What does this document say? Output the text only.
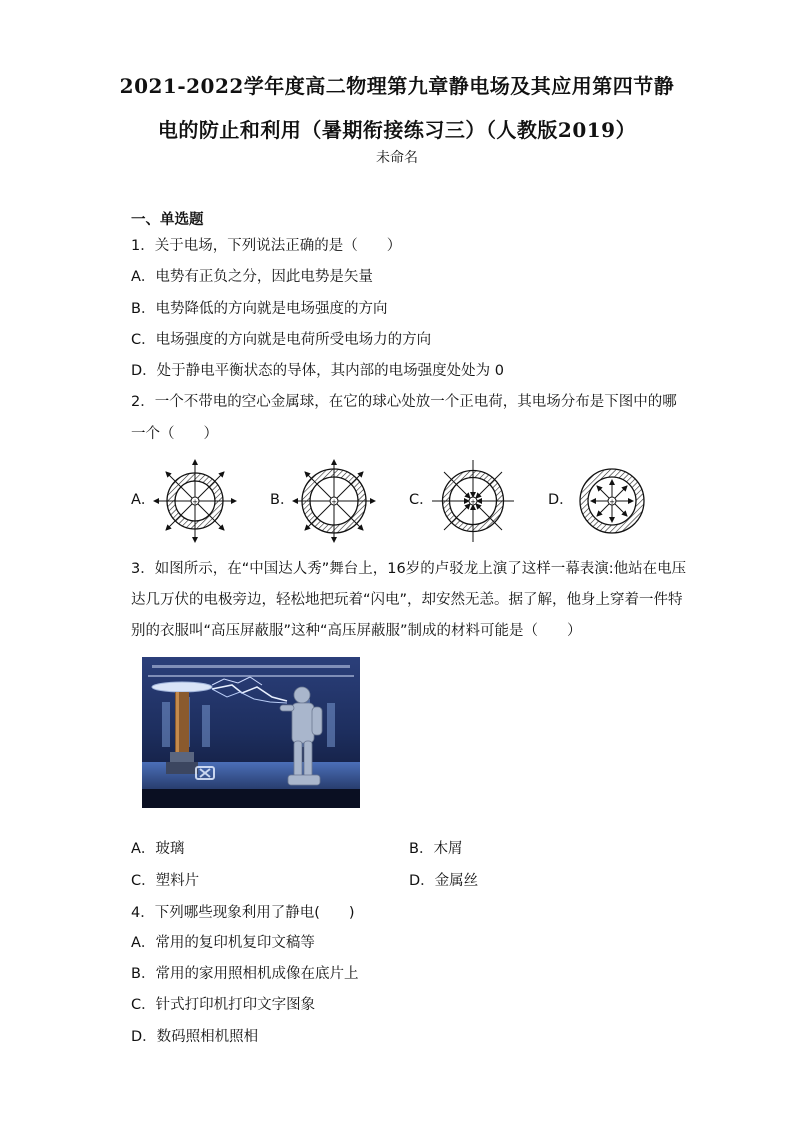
2021-2022学年度高二物理第九章静电场及其应用第四节静
电的防止和利用（暑期衔接练习三）（人教版2019）
未命名
一、单选题
1．关于电场，下列说法正确的是（　　）
A．电势有正负之分，因此电势是矢量
B．电势降低的方向就是电场强度的方向
C．电场强度的方向就是电荷所受电场力的方向
D．处于静电平衡状态的导体，其内部的电场强度处处为 0
2．一个不带电的空心金属球，在它的球心处放一个正电荷，其电场分布是下图中的哪
一个（　　）
A．	B．	C．	D．
+	+	+	+
3．如图所示，在“中国达人秀”舞台上，16岁的卢驳龙上演了这样一幕表演:他站在电压
达几万伏的电极旁边，轻松地把玩着“闪电”，却安然无恙。据了解，他身上穿着一件特
别的衣服叫“高压屏蔽服”这种“高压屏蔽服”制成的材料可能是（　　）
A．玻璃	B．木屑
C．塑料片	D．金属丝
4．下列哪些现象利用了静电(　　)
A．常用的复印机复印文稿等
B．常用的家用照相机成像在底片上
C．针式打印机打印文字图象
D．数码照相机照相
